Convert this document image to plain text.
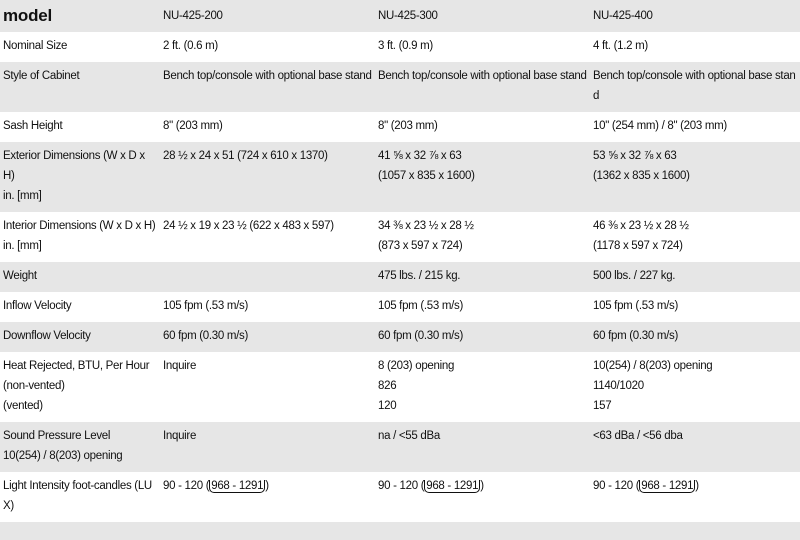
model	NU-425-200	NU-425-300	NU-425-400

Nominal Size	2 ft. (0.6 m)	3 ft. (0.9 m)	4 ft. (1.2 m)

Style of Cabinet	Bench top/console with optional base stand	Bench top/console with optional base stand	Bench top/console with optional base stan
d

Sash Height	8" (203 mm)	8" (203 mm)	10" (254 mm) / 8" (203 mm)

Exterior Dimensions (W x D x H)
in. [mm]	28 ½ x 24 x 51 (724 x 610 x 1370)	41 ⅝ x 32 ⅞ x 63
(1057 x 835 x 1600)	53 ⅝ x 32 ⅞ x 63
(1362 x 835 x 1600)

Interior Dimensions (W x D x H)
in. [mm]	24 ½ x 19 x 23 ½ (622 x 483 x 597)	34 ⅜ x 23 ½ x 28 ½
(873 x 597 x 724)	46 ⅜ x 23 ½ x 28 ½
(1178 x 597 x 724)

Weight		475 lbs. / 215 kg.	500 lbs. / 227 kg.

Inflow Velocity	105 fpm (.53 m/s)	105 fpm (.53 m/s)	105 fpm (.53 m/s)

Downflow Velocity	60 fpm (0.30 m/s)	60 fpm (0.30 m/s)	60 fpm (0.30 m/s)

Heat Rejected, BTU, Per Hour
(non-vented)
(vented)	Inquire	8 (203) opening
826
120	10(254) / 8(203) opening
1140/1020
157

Sound Pressure Level
10(254) / 8(203) opening	Inquire	na / <55 dBa	<63 dBa / <56 dba

Light Intensity foot-candles (LU
X)	90 - 120 ( 968 - 1291 )	90 - 120 ( 968 - 1291 )	90 - 120 ( 968 - 1291 )
